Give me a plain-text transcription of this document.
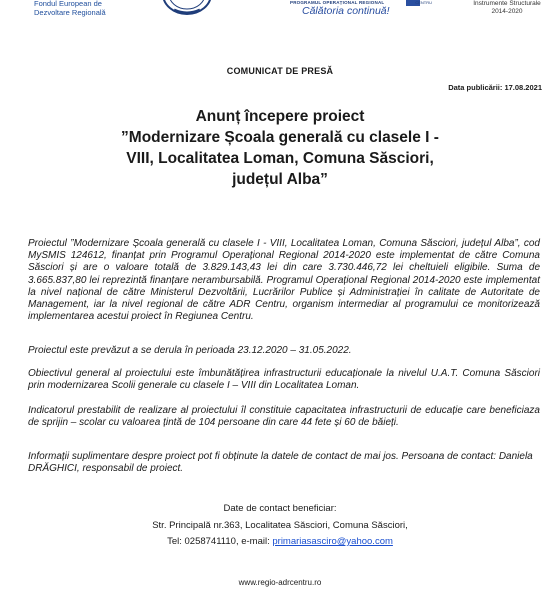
Fondul European de
Dezvoltare Regională
PROGRAMUL OPERAȚIONAL REGIONAL
Călătoria continuă!
CENTRU	Instrumente Structurale
2014-2020
COMUNICAT DE PRESĂ
Data publicării: 17.08.2021
Anunț începere proiect
”Modernizare Școala generală cu clasele I -
VIII, Localitatea Loman, Comuna Săsciori,
județul Alba”
Proiectul ”Modernizare Școala generală cu clasele I - VIII, Localitatea Loman, Comuna Săsciori, județul Alba”, cod MySMIS 124612, finanțat prin Programul Operațional Regional 2014-2020 este implementat de către Comuna Săsciori și are o valoare totală de 3.829.143,43 lei din care 3.730.446,72 lei cheltuieli eligibile. Suma de 3.665.837,80 lei reprezintă finanțare nerambursabilă. Programul Operațional Regional 2014-2020 este implementat la nivel național de către Ministerul Dezvoltării, Lucrărilor Publice și Administrației în calitate de Autoritate de Management, iar la nivel regional de către ADR Centru, organism intermediar al programului ce monitorizează implementarea acestui proiect în Regiunea Centru.
Proiectul este prevăzut a se derula în perioada 23.12.2020 – 31.05.2022.
Obiectivul general al proiectului este îmbunătățirea infrastructurii educaționale la nivelul U.A.T. Comuna Săsciori prin modernizarea Scolii generale cu clasele I – VIII din Localitatea Loman.
Indicatorul prestabilit de realizare al proiectului îl constituie capacitatea infrastructurii de educație care beneficiaza de sprijin – scolar cu valoarea țintă de 104 persoane din care 44 fete și 60 de băieți.
Informații suplimentare despre proiect pot fi obținute la datele de contact de mai jos. Persoana de contact: Daniela DRĂGHICI, responsabil de proiect.
Date de contact beneficiar:
Str. Principală nr.363, Localitatea Săsciori, Comuna Săsciori,
Tel: 0258741110, e-mail: primariasasciro@yahoo.com
www.regio-adrcentru.ro
